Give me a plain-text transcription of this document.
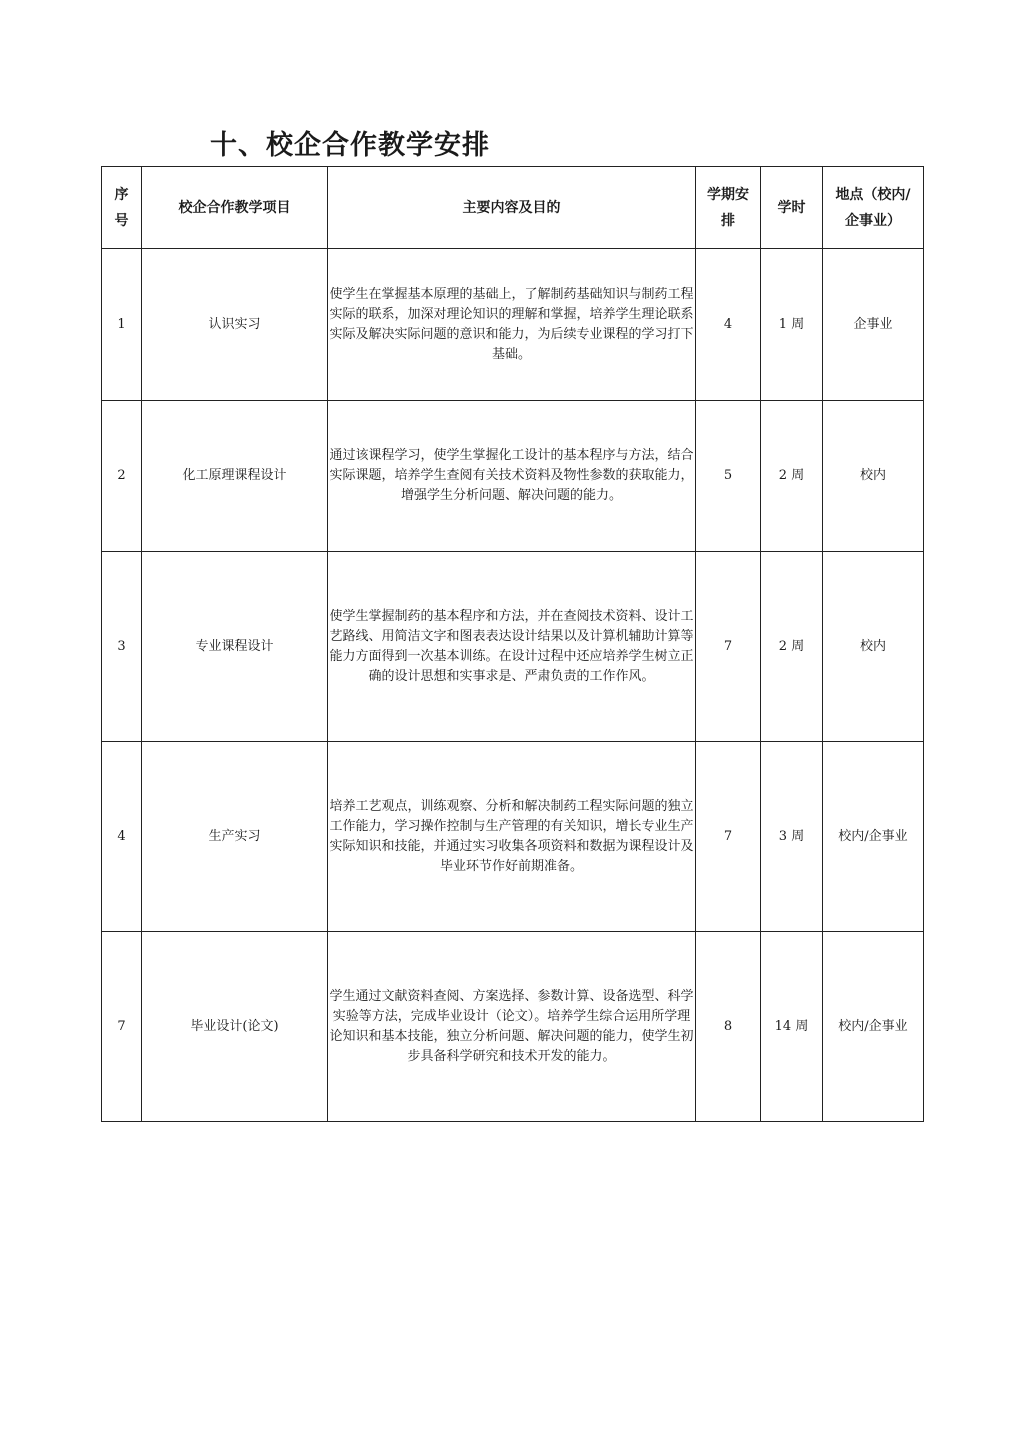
十、校企合作教学安排
序号	校企合作教学项目	主要内容及目的	学期安排	学时	地点（校内/企事业）
1	认识实习	使学生在掌握基本原理的基础上，了解制药基础知识与制药工程实际的联系，加深对理论知识的理解和掌握，培养学生理论联系实际及解决实际问题的意识和能力，为后续专业课程的学习打下基础。	4	1 周	企事业
2	化工原理课程设计	通过该课程学习，使学生掌握化工设计的基本程序与方法，结合实际课题，培养学生查阅有关技术资料及物性参数的获取能力，增强学生分析问题、解决问题的能力。	5	2 周	校内
3	专业课程设计	使学生掌握制药的基本程序和方法，并在查阅技术资料、设计工艺路线、用简洁文字和图表表达设计结果以及计算机辅助计算等能力方面得到一次基本训练。在设计过程中还应培养学生树立正确的设计思想和实事求是、严肃负责的工作作风。	7	2 周	校内
4	生产实习	培养工艺观点，训练观察、分析和解决制药工程实际问题的独立工作能力，学习操作控制与生产管理的有关知识，增长专业生产实际知识和技能，并通过实习收集各项资料和数据为课程设计及毕业环节作好前期准备。	7	3 周	校内/企事业
7	毕业设计(论文)	学生通过文献资料查阅、方案选择、参数计算、设备选型、科学实验等方法，完成毕业设计（论文）。培养学生综合运用所学理论知识和基本技能，独立分析问题、解决问题的能力，使学生初步具备科学研究和技术开发的能力。	8	14 周	校内/企事业
